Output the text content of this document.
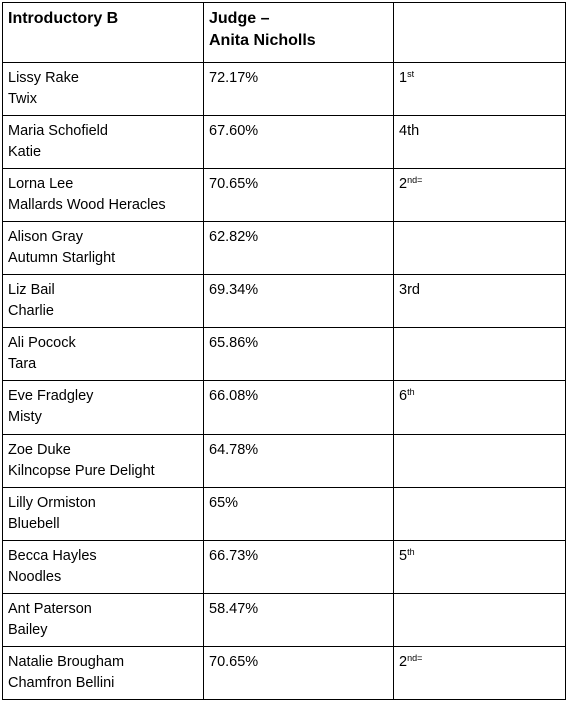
Introductory B	Judge –
Anita Nicholls	

Lissy Rake
Twix	72.17%	1st

Maria Schofield
Katie	67.60%	4th

Lorna Lee
Mallards Wood Heracles	70.65%	$2^{nd=}$

Alison Gray
Autumn Starlight	62.82%	

Liz Bail
Charlie	69.34%	3rd

Ali Pocock
Tara	65.86%	

Eve Fradgley
Misty	66.08%	6th

Zoe Duke
Kilncopse Pure Delight	64.78%	

Lilly Ormiston
Bluebell	65%	

Becca Hayles
Noodles	66.73%	5th

Ant Paterson
Bailey	58.47%	

Natalie Brougham
Chamfron Bellini	70.65%	$2^{nd=}$
